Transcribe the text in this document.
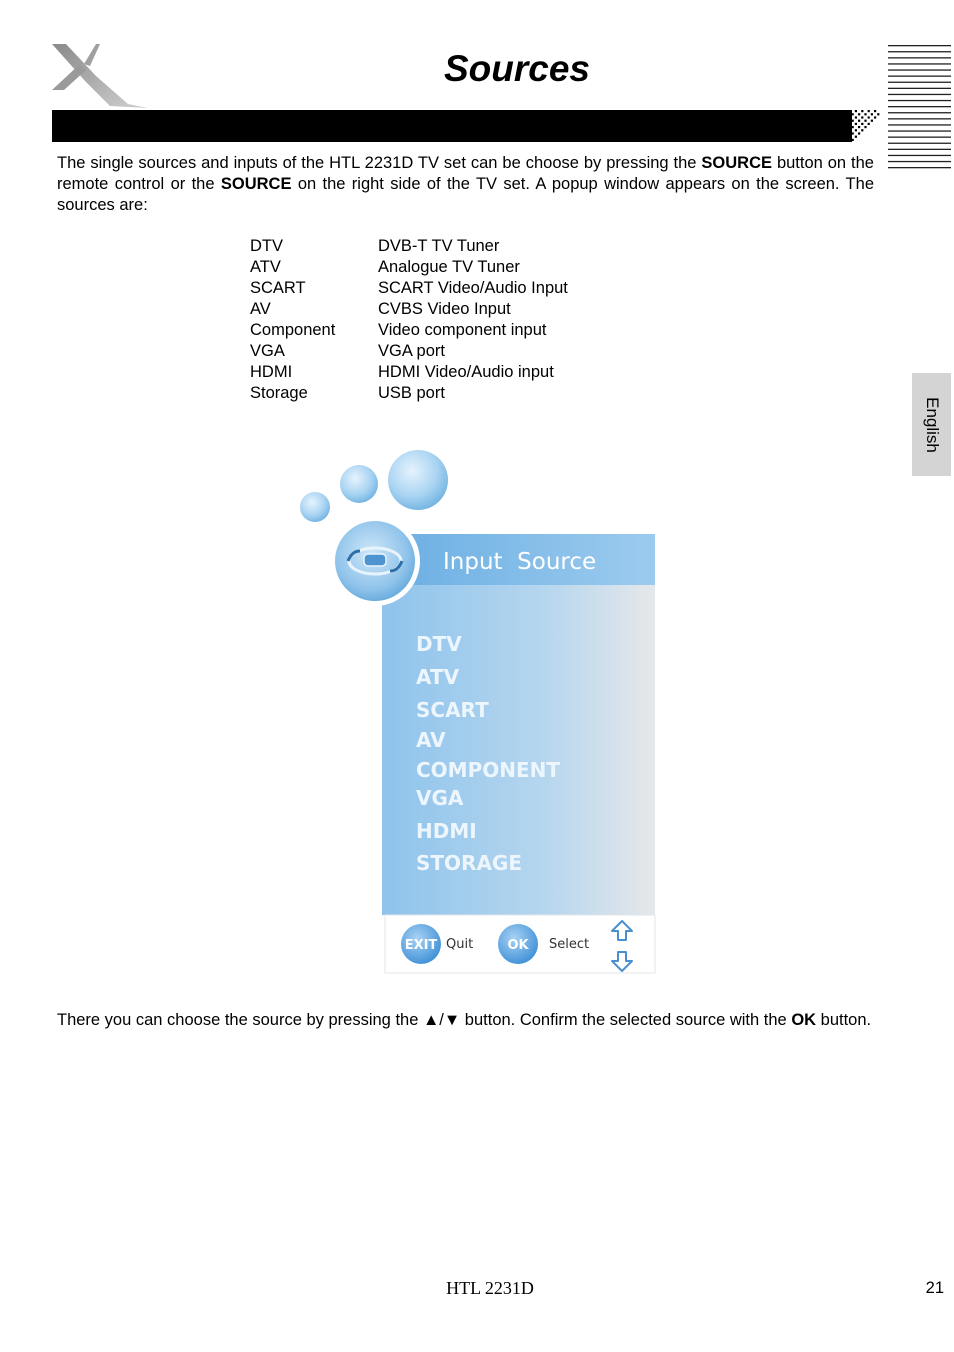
Sources
English
The single sources and inputs of the HTL 2231D TV set can be choose by pressing the SOURCE button on the remote control or the SOURCE on the right side of the TV set. A popup window appears on the screen. The sources are:
DTV	DVB-T TV Tuner
ATV	Analogue TV Tuner
SCART	SCART Video/Audio Input
AV	CVBS Video Input
Component	Video component input
VGA	VGA port
HDMI	HDMI Video/Audio input
Storage	USB port
Input  Source
DTV
ATV
SCART
AV
COMPONENT
VGA
HDMI
STORAGE
EXIT Quit	OK Select
There you can choose the source by pressing the ▲/▼ button. Confirm the selected source with the OK button.
HTL 2231D	21
